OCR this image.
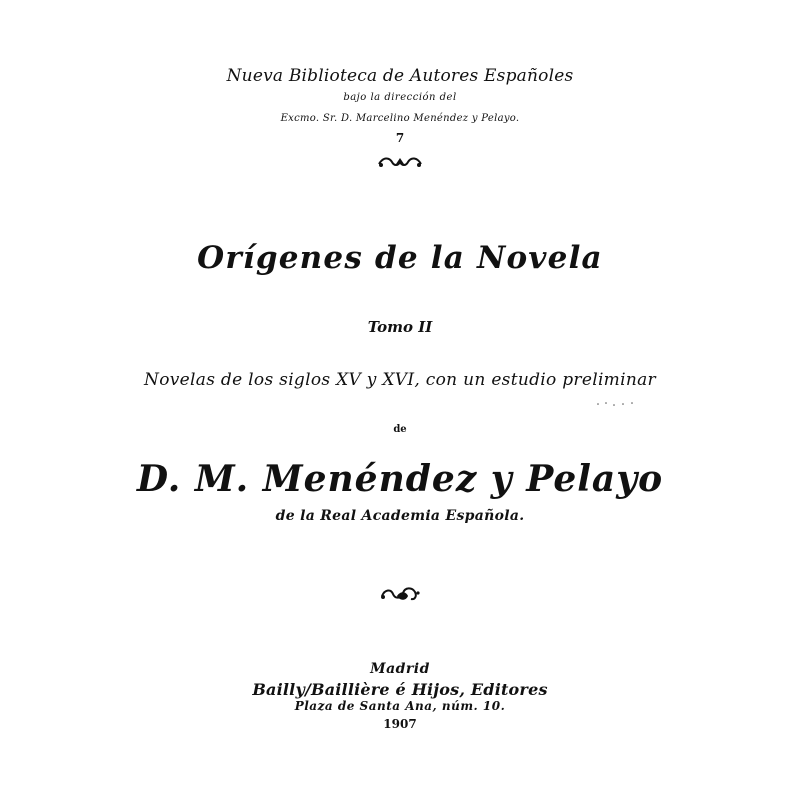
Nueva Biblioteca de Autores Españoles
bajo la dirección del
Excmo. Sr. D. Marcelino Menéndez y Pelayo.
7
Orígenes de la Novela
Tomo II
Novelas de los siglos XV y XVI, con un estudio preliminar
de
D. M. Menéndez y Pelayo
de la Real Academia Española.
Madrid
Bailly/Baillière é Hijos, Editores
Plaza de Santa Ana, núm. 10.
1907
